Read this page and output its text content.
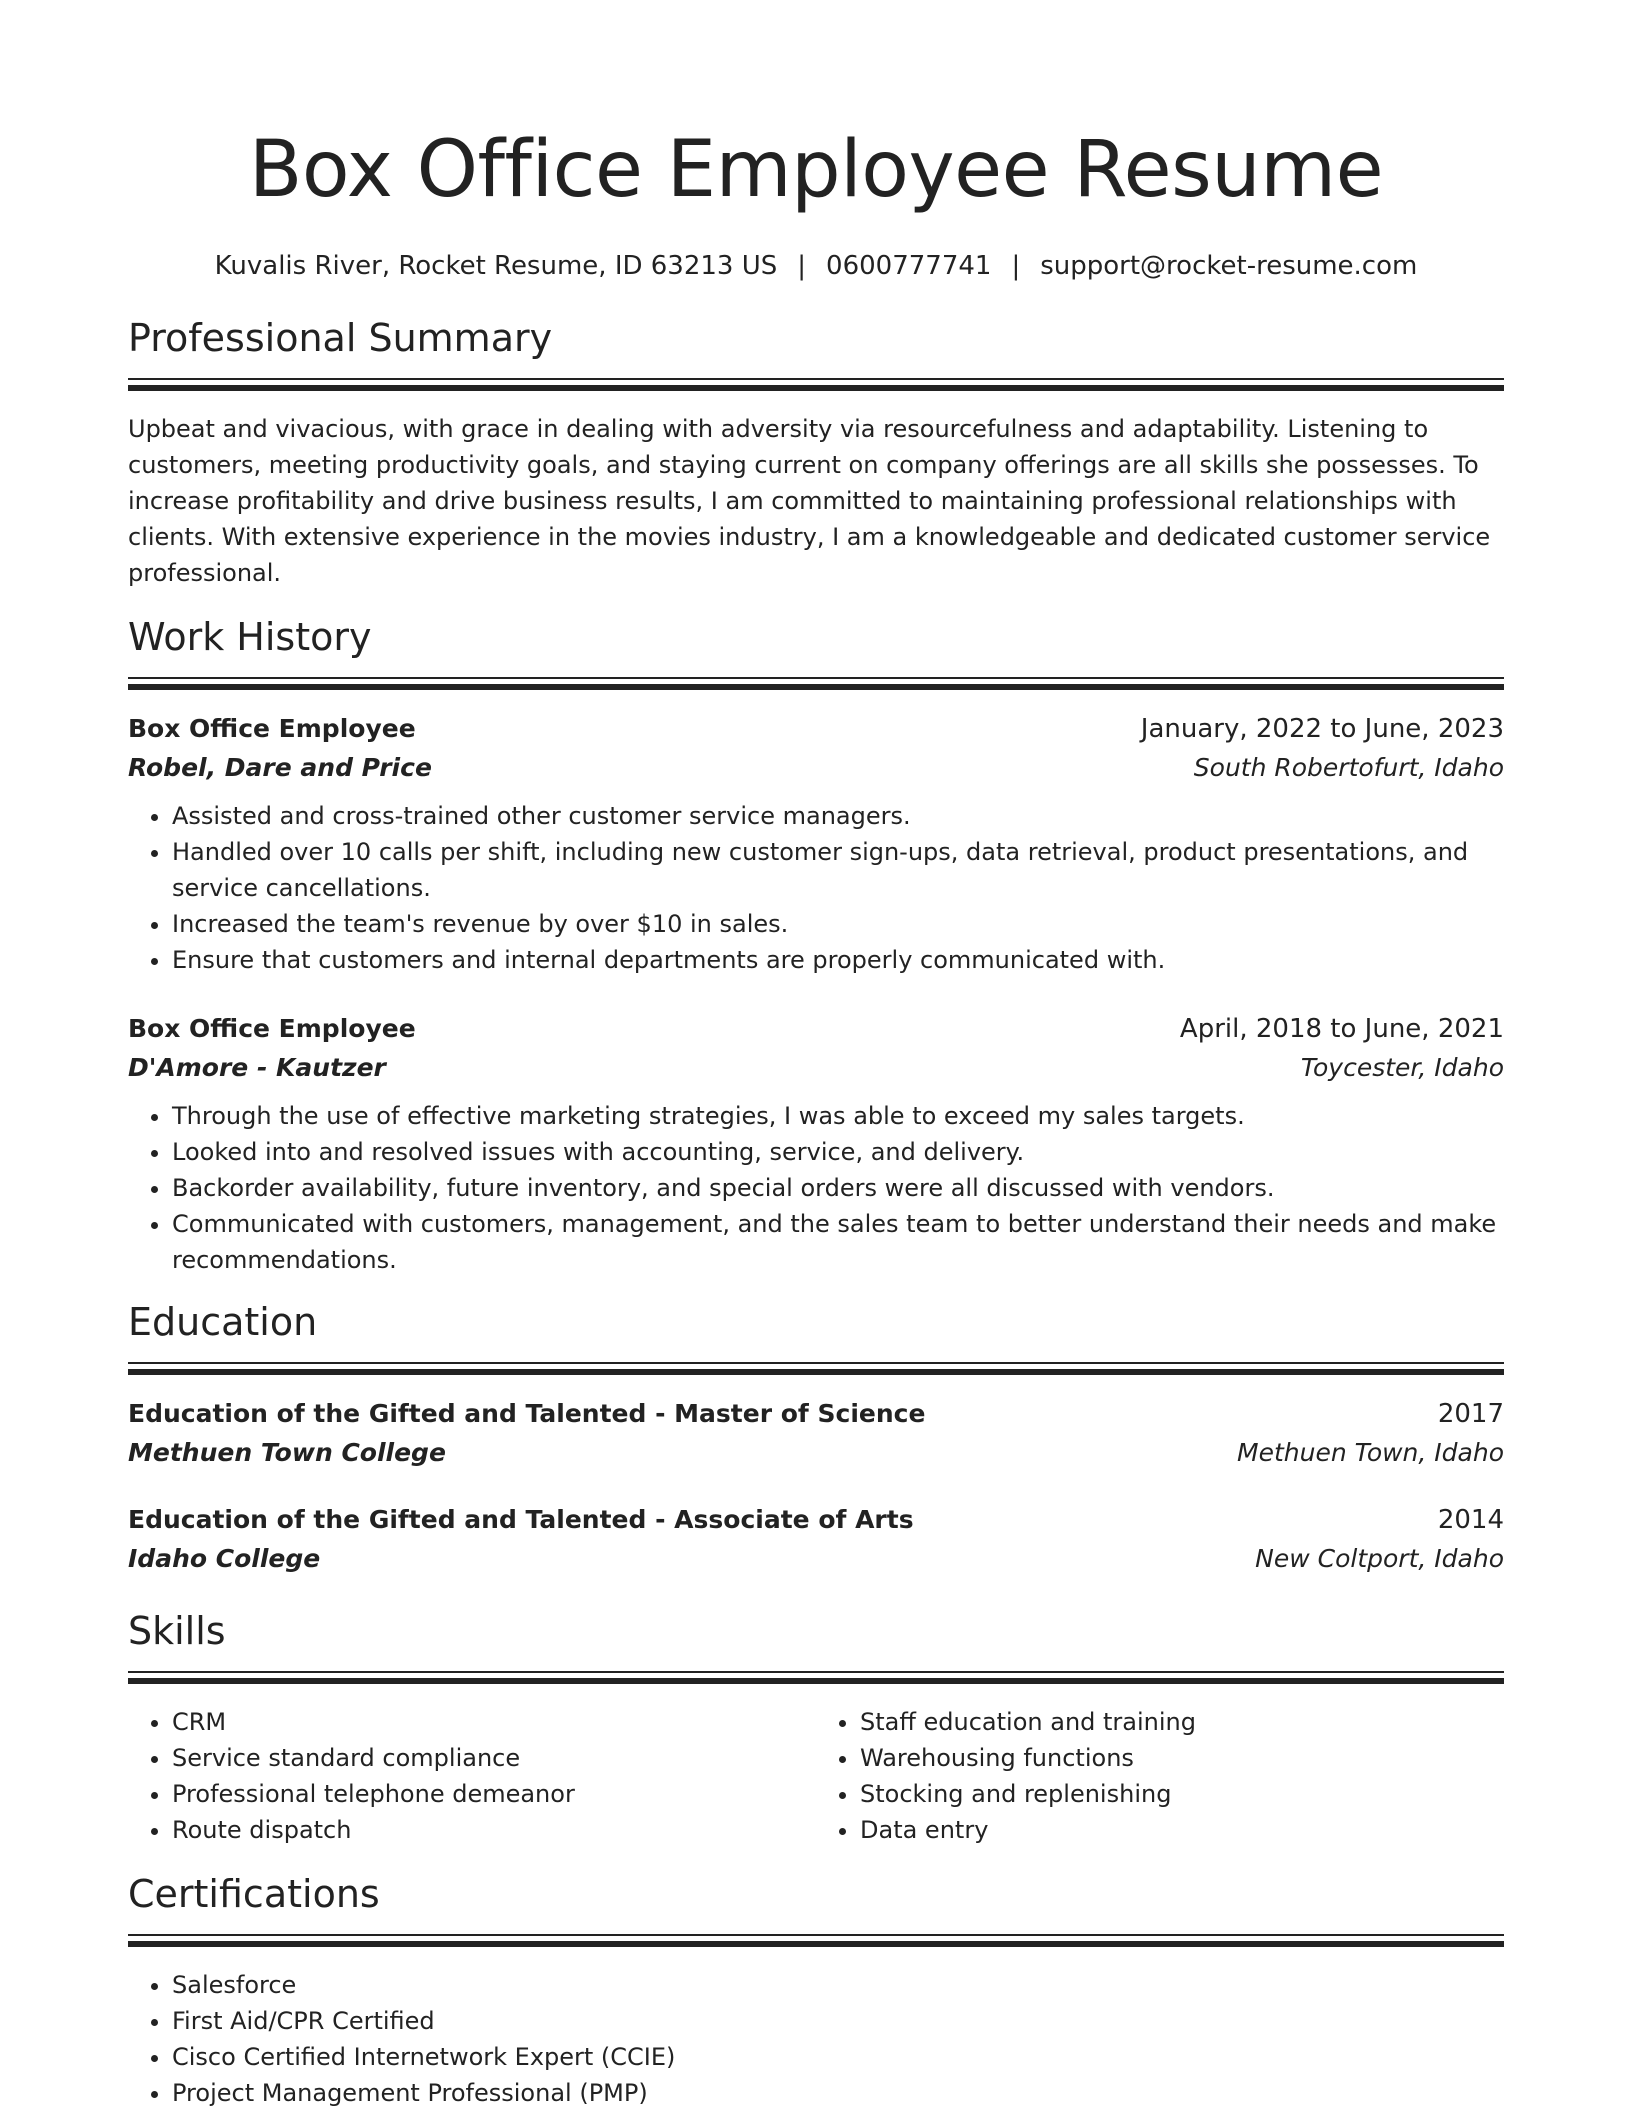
Box Office Employee Resume
Kuvalis River, Rocket Resume, ID 63213 US | 0600777741 | support@rocket-resume.com
Professional Summary

Upbeat and vivacious, with grace in dealing with adversity via resourcefulness and adaptability. Listening to customers, meeting productivity goals, and staying current on company offerings are all skills she possesses. To increase profitability and drive business results, I am committed to maintaining professional relationships with clients. With extensive experience in the movies industry, I am a knowledgeable and dedicated customer service professional.

Work History
Box Office Employee	January, 2022 to June, 2023
Robel, Dare and Price	South Robertofurt, Idaho
• Assisted and cross-trained other customer service managers.
• Handled over 10 calls per shift, including new customer sign-ups, data retrieval, product presentations, and service cancellations.
• Increased the team's revenue by over $10 in sales.
• Ensure that customers and internal departments are properly communicated with.
Box Office Employee	April, 2018 to June, 2021
D'Amore - Kautzer	Toycester, Idaho
• Through the use of effective marketing strategies, I was able to exceed my sales targets.
• Looked into and resolved issues with accounting, service, and delivery.
• Backorder availability, future inventory, and special orders were all discussed with vendors.
• Communicated with customers, management, and the sales team to better understand their needs and make recommendations.
Education
Education of the Gifted and Talented - Master of Science	2017
Methuen Town College	Methuen Town, Idaho
Education of the Gifted and Talented - Associate of Arts	2014
Idaho College	New Coltport, Idaho
Skills
• CRM
• Service standard compliance
• Professional telephone demeanor
• Route dispatch
• Staff education and training
• Warehousing functions
• Stocking and replenishing
• Data entry
Certifications
• Salesforce
• First Aid/CPR Certified
• Cisco Certified Internetwork Expert (CCIE)
• Project Management Professional (PMP)
